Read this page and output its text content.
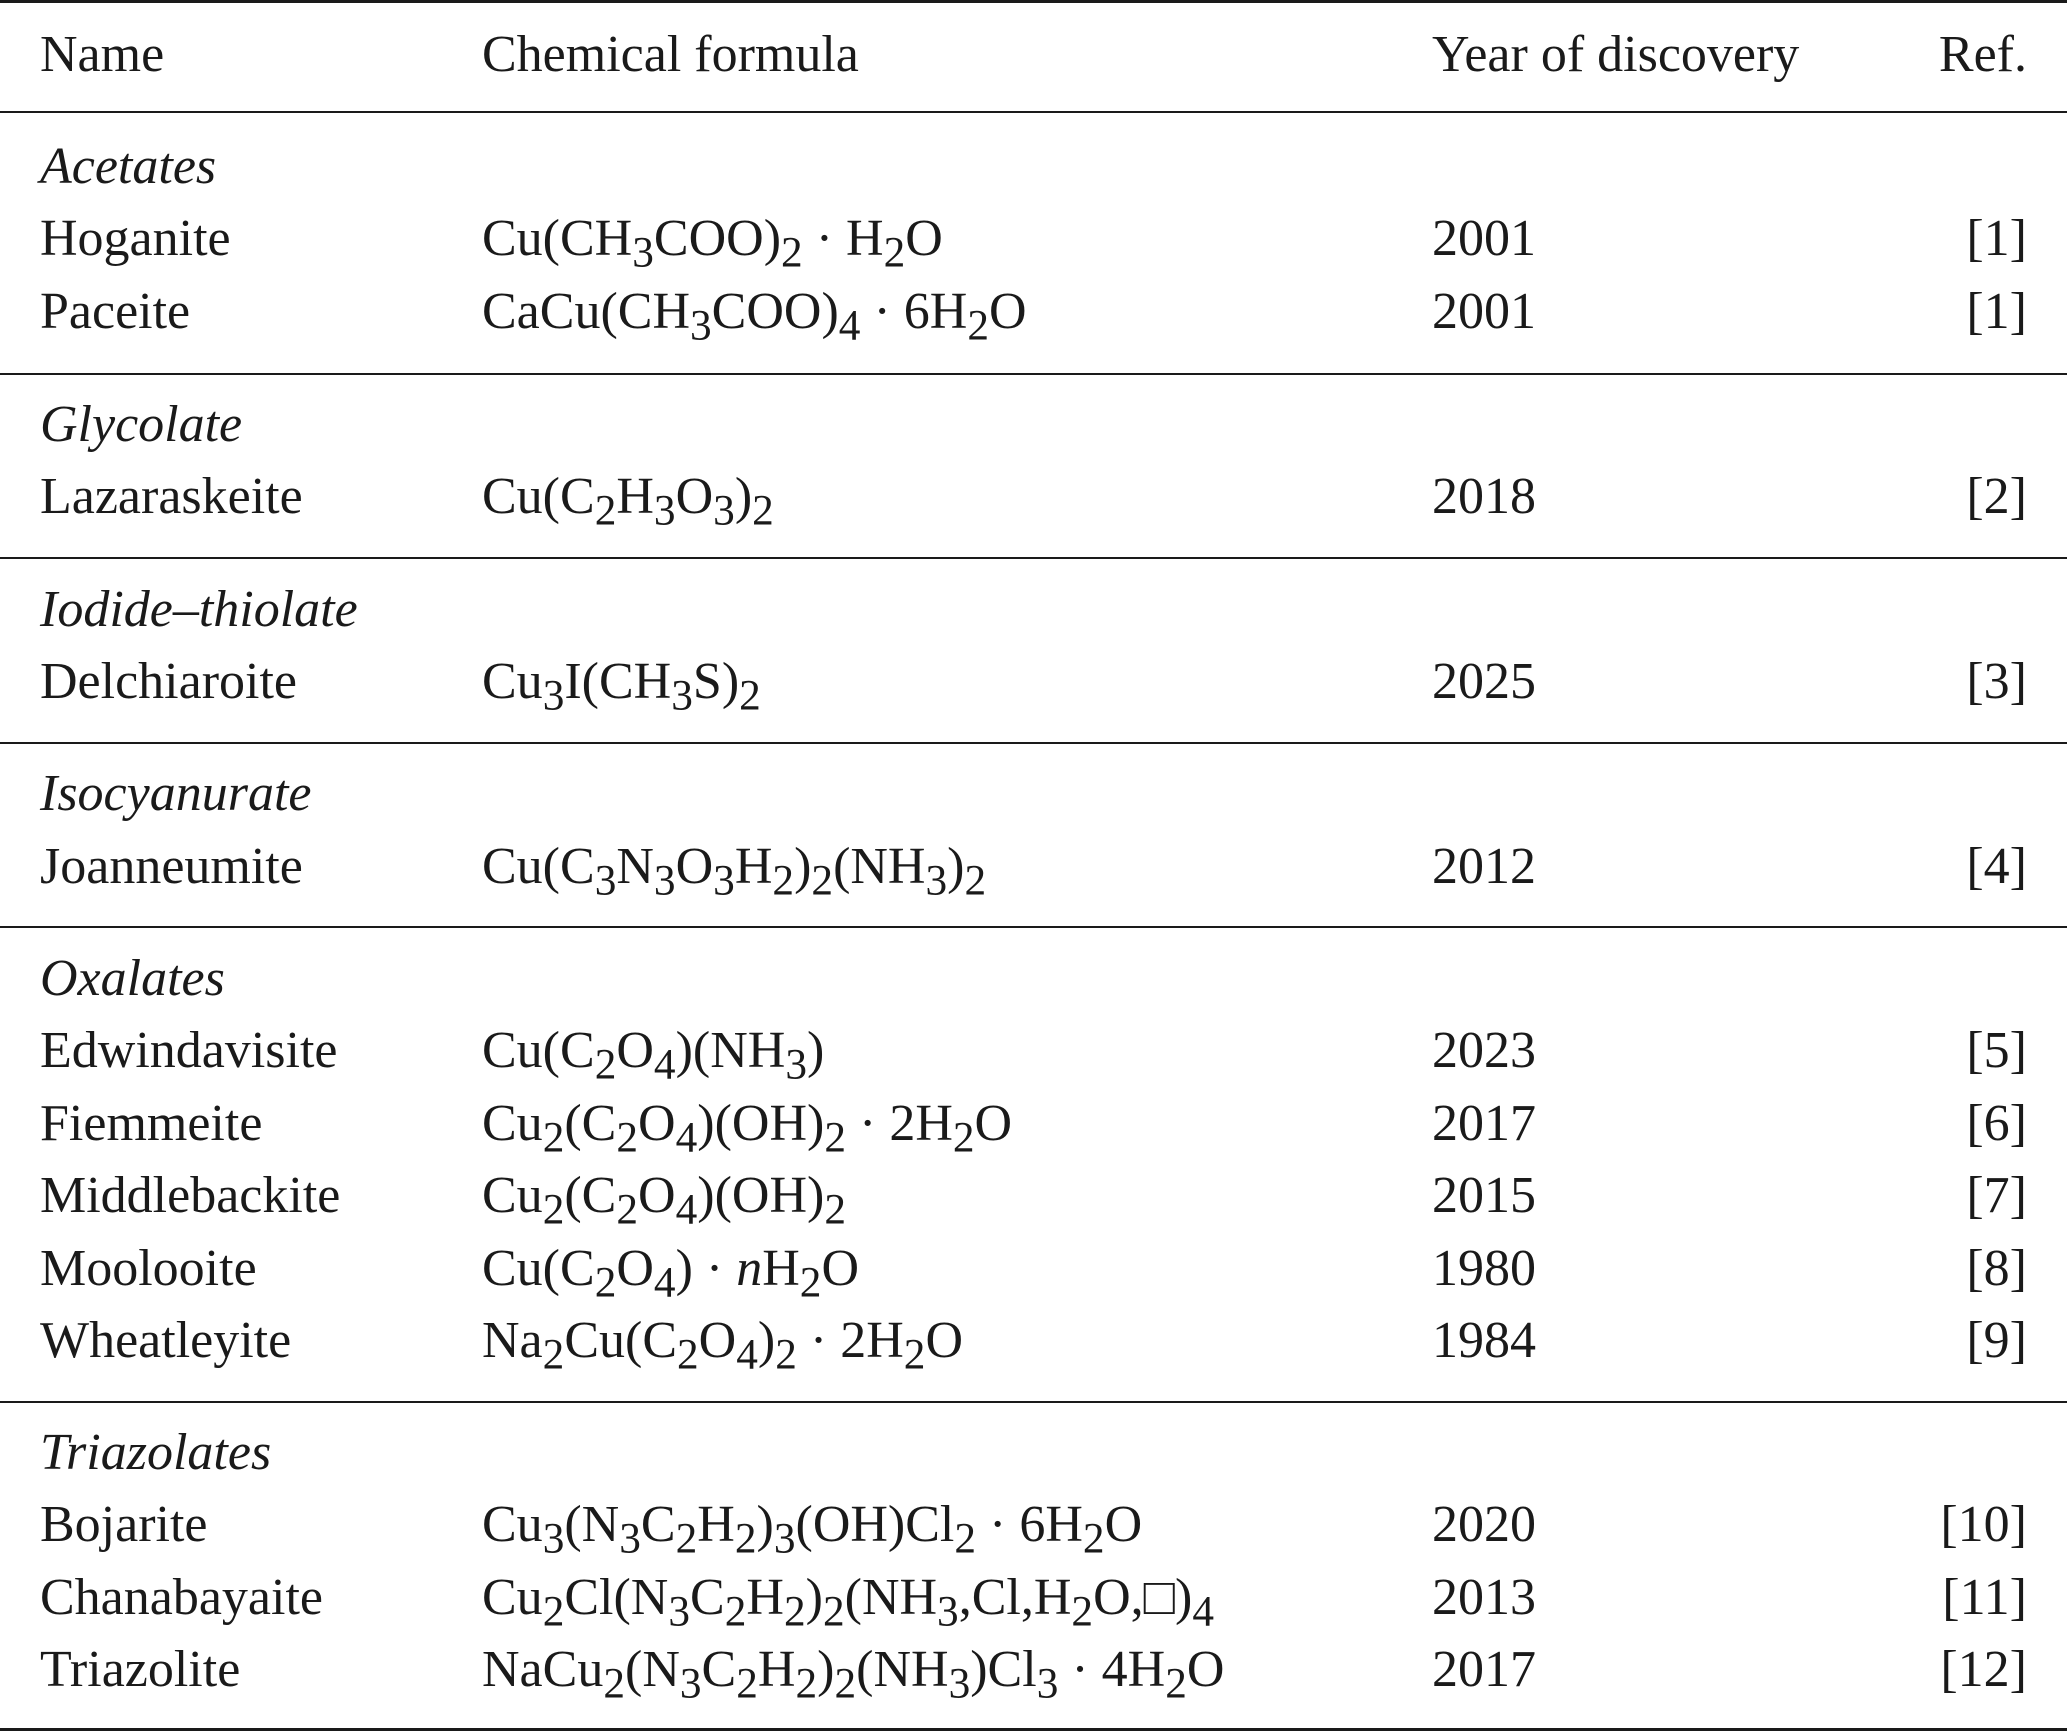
Name	Chemical formula	Year of discovery	Ref.
Acetates
Hoganite	$Cu(CH_3COO)_2 \cdot H_2O$	2001	[1]
Paceite	$CaCu(CH_3COO)_4 \cdot 6H_2O$	2001	[1]
Glycolate
Lazaraskeite	$Cu(C_2H_3O_3)_2$	2018	[2]
Iodide–thiolate
Delchiaroite	$Cu_3I(CH_3S)_2$	2025	[3]
Isocyanurate
Joanneumite	$Cu(C_3N_3O_3H_2)_2(NH_3)_2$	2012	[4]
Oxalates
Edwindavisite	$Cu(C_2O_4)(NH_3)$	2023	[5]
Fiemmeite	$Cu_2(C_2O_4)(OH)_2 \cdot 2H_2O$	2017	[6]
Middlebackite	$Cu_2(C_2O_4)(OH)_2$	2015	[7]
Moolooite	$Cu(C_2O_4) \cdot nH_2O$	1980	[8]
Wheatleyite	$Na_2Cu(C_2O_4)_2 \cdot 2H_2O$	1984	[9]
Triazolates
Bojarite	$Cu_3(N_3C_2H_2)_3(OH)Cl_2 \cdot 6H_2O$	2020	[10]
Chanabayaite	$Cu_2Cl(N_3C_2H_2)_2(NH_3,Cl,H_2O,□)_4$	2013	[11]
Triazolite	$NaCu_2(N_3C_2H_2)_2(NH_3)Cl_3 \cdot 4H_2O$	2017	[12]
